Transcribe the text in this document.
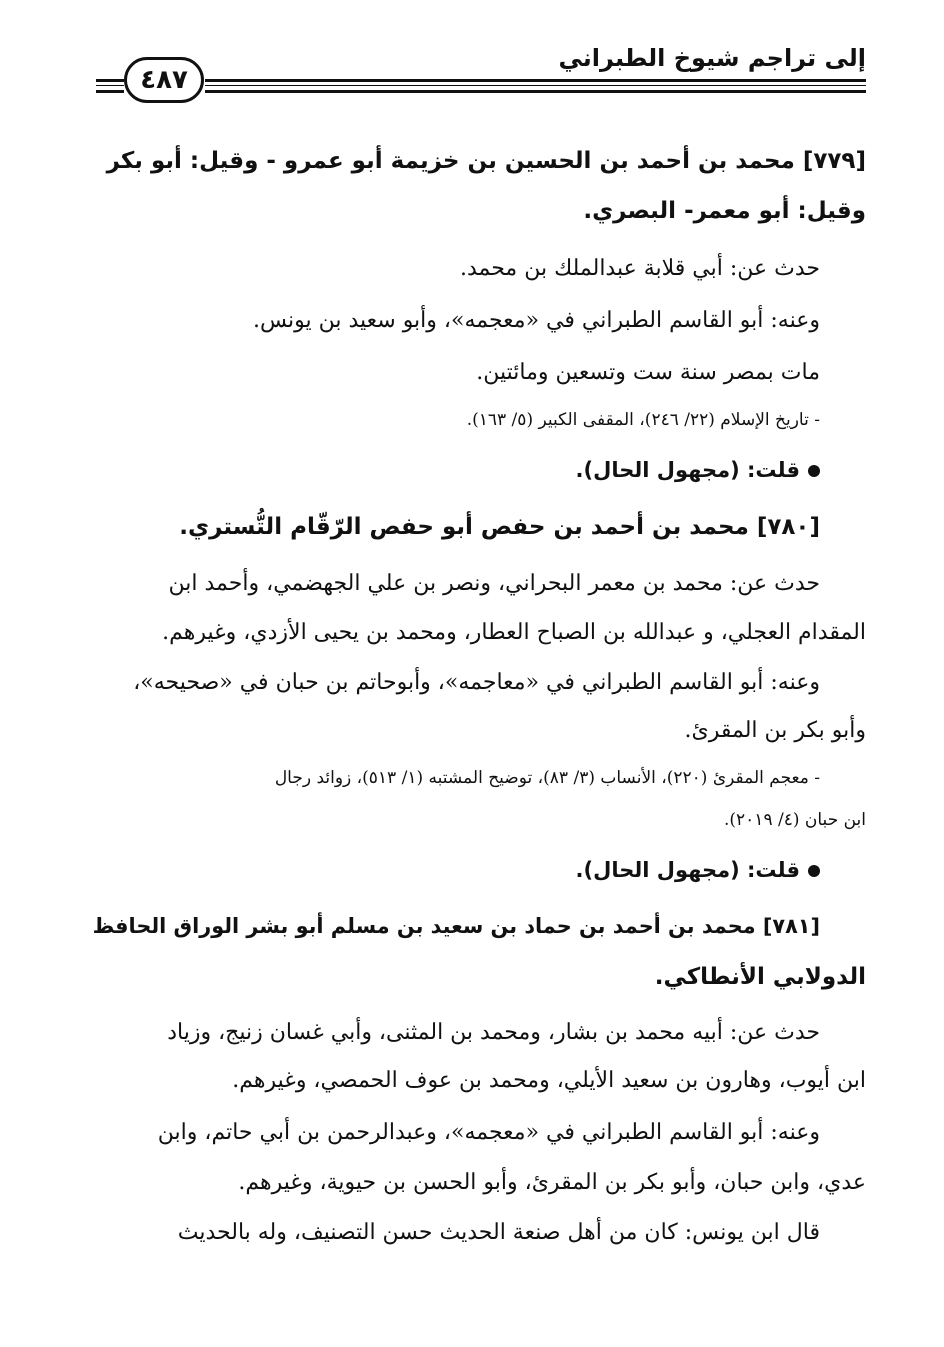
إلى تراجم شيوخ الطبراني
٤٨٧
[٧٧٩] محمد بن أحمد بن الحسين بن خزيمة أبو عمرو - وقيل: أبو بكر
وقيل: أبو معمر- البصري.
حدث عن: أبي قلابة عبدالملك بن محمد.
وعنه: أبو القاسم الطبراني في «معجمه»، وأبو سعيد بن يونس.
مات بمصر سنة ست وتسعين ومائتين.
- تاريخ الإسلام (٢٢/ ٢٤٦)، المقفى الكبير (٥/ ١٦٣).
قلت: (مجهول الحال).
[٧٨٠] محمد بن أحمد بن حفص أبو حفص الرّقّام التُّستري.
حدث عن: محمد بن معمر البحراني، ونصر بن علي الجهضمي، وأحمد ابن
المقدام العجلي، و عبدالله بن الصباح العطار، ومحمد بن يحيى الأزدي، وغيرهم.
وعنه: أبو القاسم الطبراني في «معاجمه»، وأبوحاتم بن حبان في «صحيحه»،
وأبو بكر بن المقرئ.
- معجم المقرئ (٢٢٠)، الأنساب (٣/ ٨٣)، توضيح المشتبه (١/ ٥١٣)، زوائد رجال
ابن حبان (٤/ ٢٠١٩).
قلت: (مجهول الحال).
[٧٨١] محمد بن أحمد بن حماد بن سعيد بن مسلم أبو بشر الوراق الحافظ
الدولابي الأنطاكي.
حدث عن: أبيه محمد بن بشار، ومحمد بن المثنى، وأبي غسان زنيج، وزياد
ابن أيوب، وهارون بن سعيد الأيلي، ومحمد بن عوف الحمصي، وغيرهم.
وعنه: أبو القاسم الطبراني في «معجمه»، وعبدالرحمن بن أبي حاتم، وابن
عدي، وابن حبان، وأبو بكر بن المقرئ، وأبو الحسن بن حيوية، وغيرهم.
قال ابن يونس: كان من أهل صنعة الحديث حسن التصنيف، وله بالحديث
